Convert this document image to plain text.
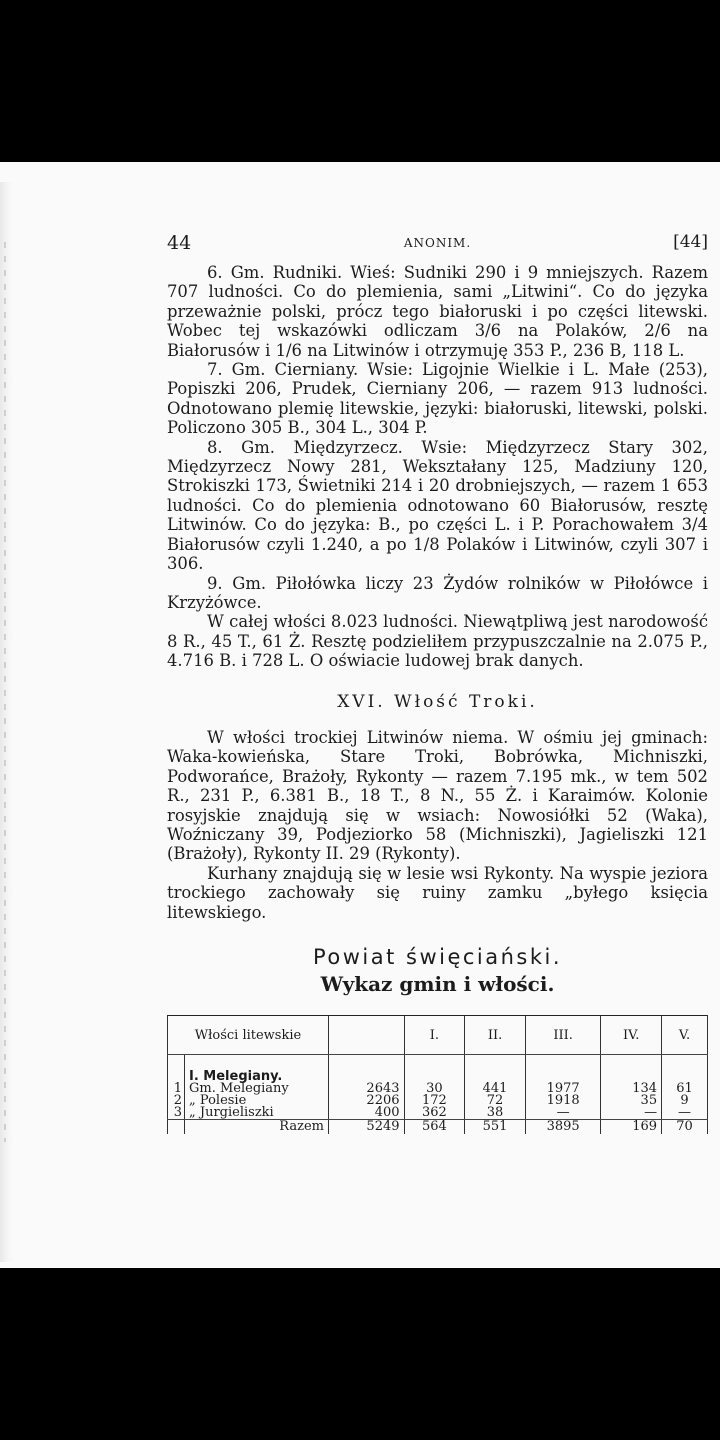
44	ANONIM.	[44]

6. Gm. Rudniki. Wieś: Sudniki 290 i 9 mniejszych. Razem 707 ludności. Co do plemienia, sami „Litwini“. Co do języka przeważnie polski, prócz tego białoruski i po części litewski. Wobec tej wskazówki odliczam 3/6 na Polaków, 2/6 na Białorusów i 1/6 na Litwinów i otrzymuję 353 P., 236 B, 118 L.

7. Gm. Cierniany. Wsie: Ligojnie Wielkie i L. Małe (253), Popiszki 206, Prudek, Cierniany 206, — razem 913 ludności. Odnotowano plemię litewskie, języki: białoruski, litewski, polski. Policzono 305 B., 304 L., 304 P.

8. Gm. Międzyrzecz. Wsie: Międzyrzecz Stary 302, Międzyrzecz Nowy 281, Wekształany 125, Madziuny 120, Strokiszki 173, Świetniki 214 i 20 drobniejszych, — razem 1 653 ludności. Co do plemienia odnotowano 60 Białorusów, resztę Litwinów. Co do języka: B., po części L. i P. Porachowałem 3/4 Białorusów czyli 1.240, a po 1/8 Polaków i Litwinów, czyli 307 i 306.

9. Gm. Piłołówka liczy 23 Żydów rolników w Piłołówce i Krzyżówce.

W całej włości 8.023 ludności. Niewątpliwą jest narodowość 8 R., 45 T., 61 Ż. Resztę podzieliłem przypuszczalnie na 2.075 P., 4.716 B. i 728 L. O oświacie ludowej brak danych.

XVI. Włość Troki.

W włości trockiej Litwinów niema. W ośmiu jej gminach: Waka-kowieńska, Stare Troki, Bobrówka, Michniszki, Podworańce, Brażoły, Rykonty — razem 7.195 mk., w tem 502 R., 231 P., 6.381 B., 18 T., 8 N., 55 Ż. i Karaimów. Kolonie rosyjskie znajdują się w wsiach: Nowosiółki 52 (Waka), Woźniczany 39, Podjeziorko 58 (Michniszki), Jagieliszki 121 (Brażoły), Rykonty II. 29 (Rykonty).

Kurhany znajdują się w lesie wsi Rykonty. Na wyspie jeziora trockiego zachowały się ruiny zamku „byłego księcia litewskiego.

Powiat święciański.
Wykaz gmin i włości.
Włości litewskie			I.	II.	III.	IV.	V.
	I. Melegiany.						
1	Gm. Melegiany	2643	30	441	1977	134	61
2	„ Polesie	2206	172	72	1918	35	9
3	„ Jurgieliszki	400	362	38	—	—	—
	Razem	5249	564	551	3895	169	70
